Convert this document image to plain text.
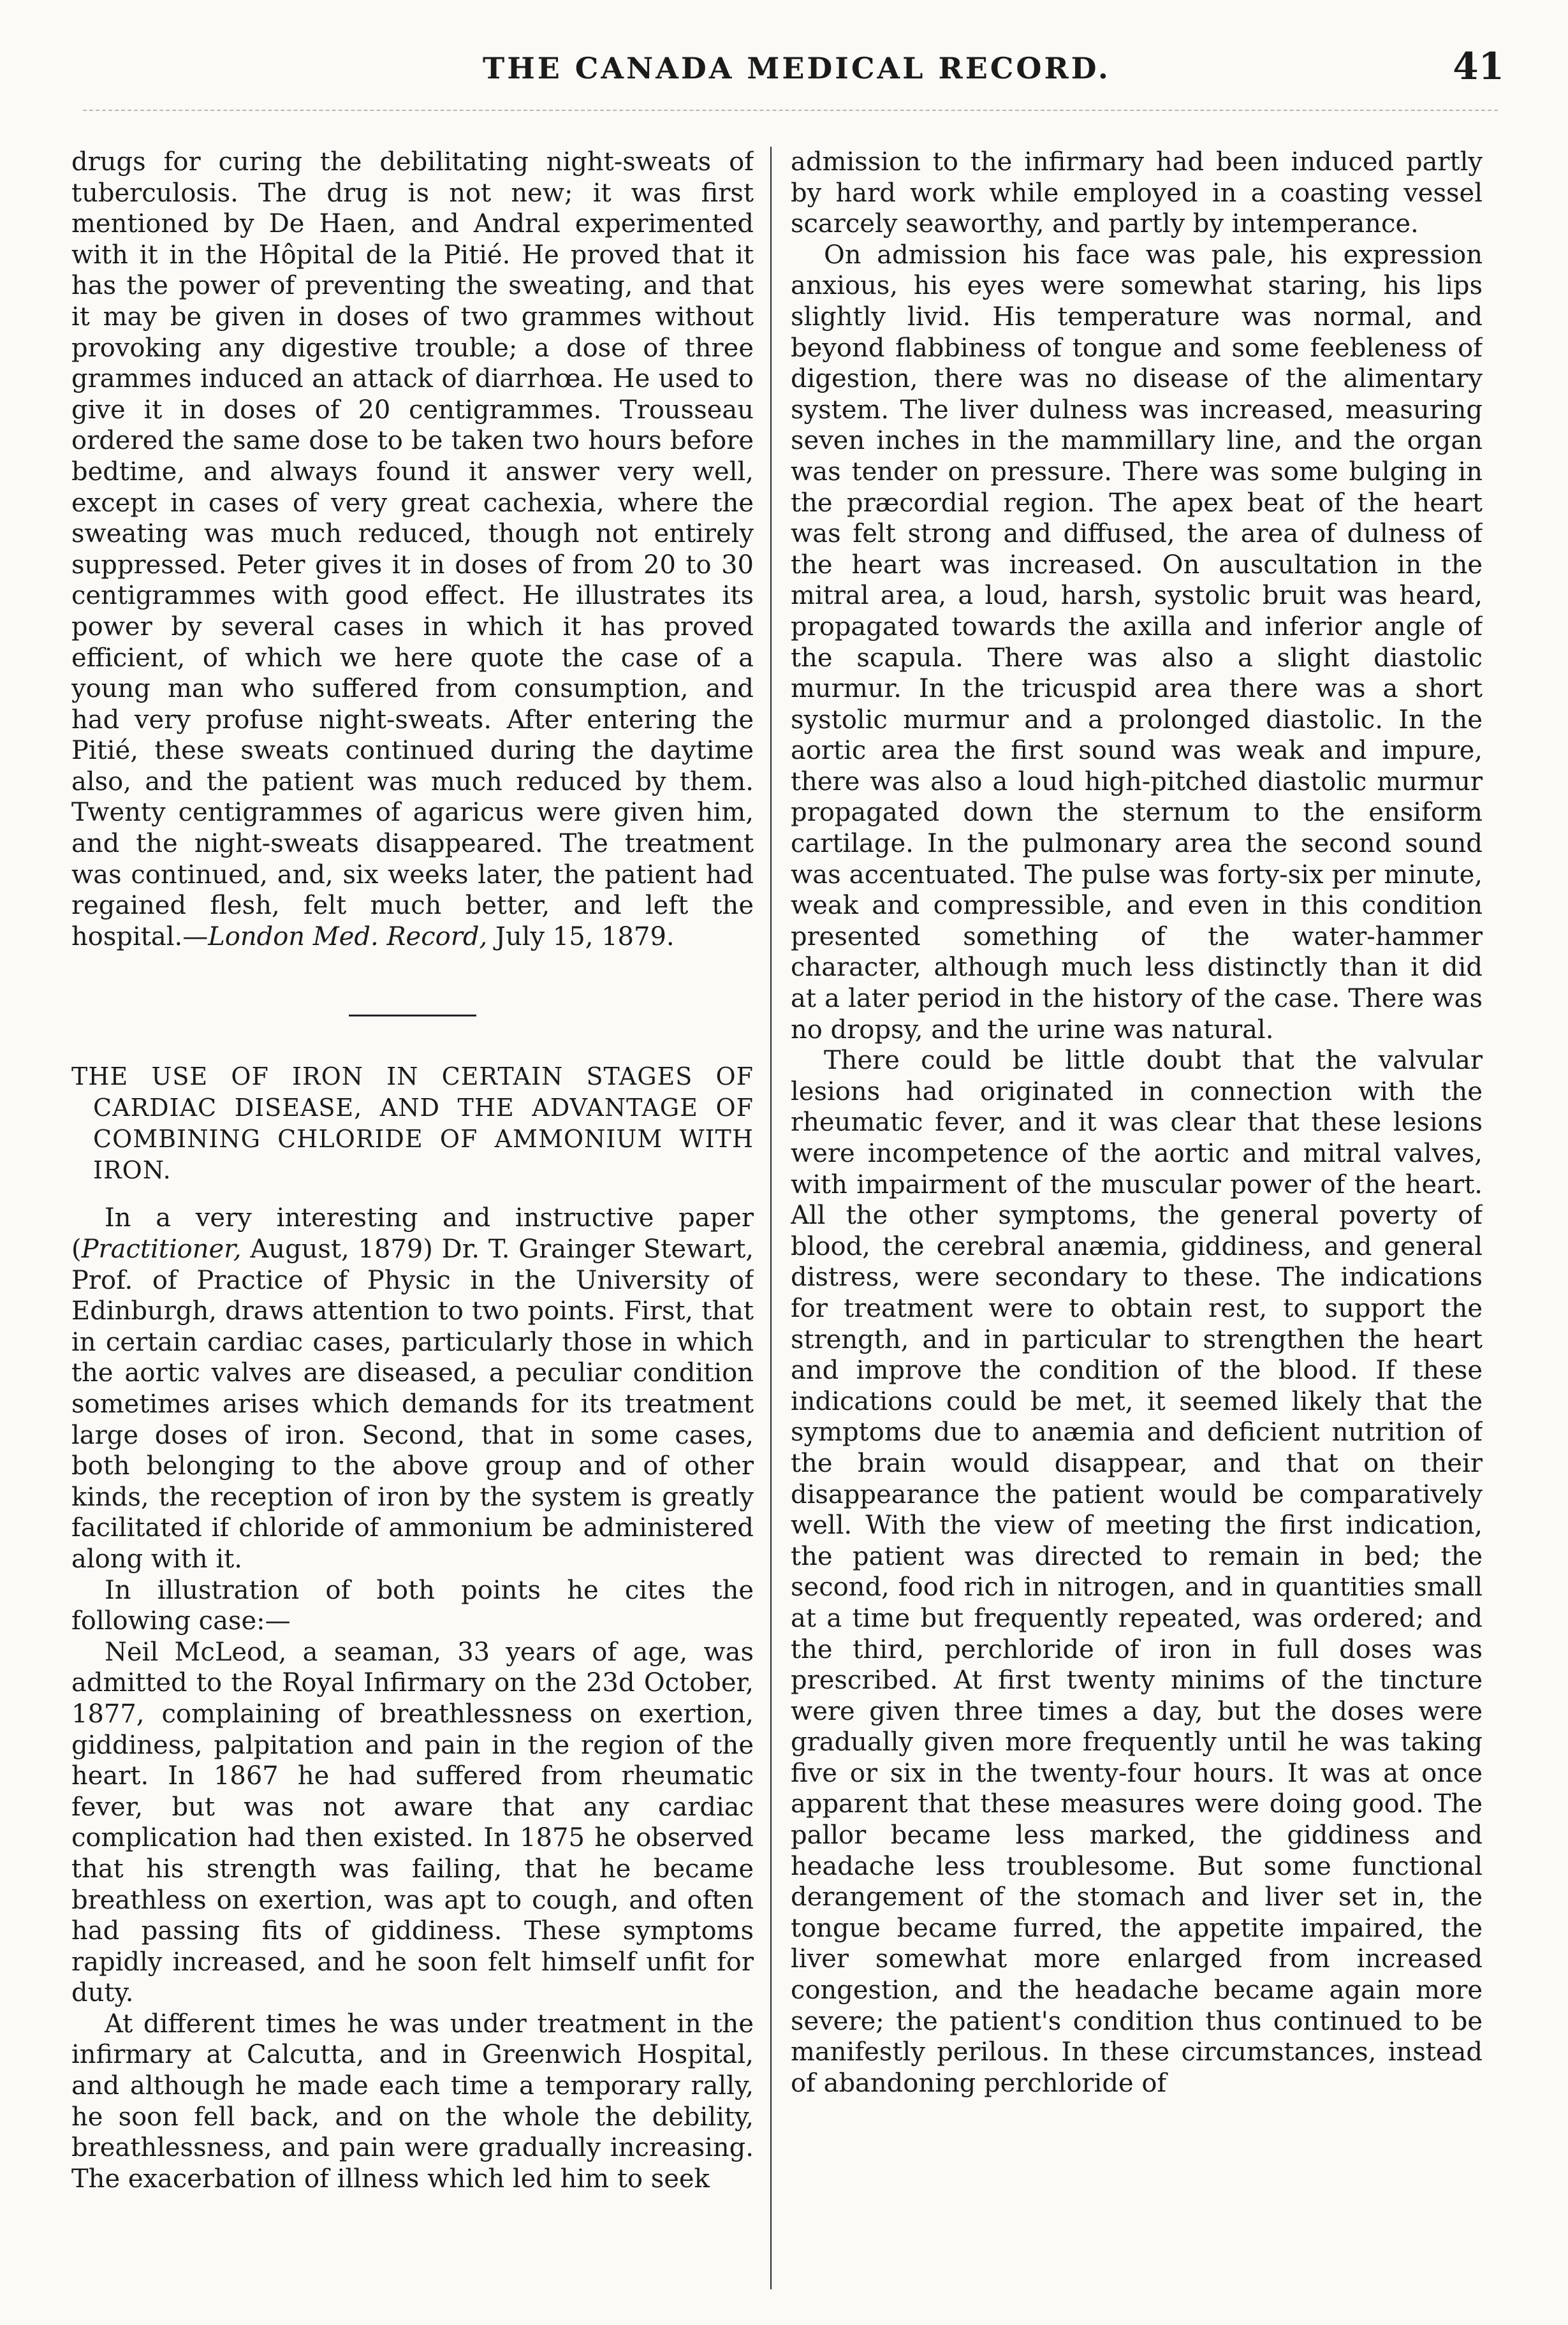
THE CANADA MEDICAL RECORD.	41

drugs for curing the debilitating night-sweats of tuberculosis. The drug is not new; it was first mentioned by De Haen, and Andral experimented with it in the Hôpital de la Pitié. He proved that it has the power of preventing the sweating, and that it may be given in doses of two grammes without provoking any digestive trouble; a dose of three grammes induced an attack of diarrhœa. He used to give it in doses of 20 centigrammes. Trousseau ordered the same dose to be taken two hours before bedtime, and always found it answer very well, except in cases of very great cachexia, where the sweating was much reduced, though not entirely suppressed. Peter gives it in doses of from 20 to 30 centigrammes with good effect. He illustrates its power by several cases in which it has proved efficient, of which we here quote the case of a young man who suffered from consumption, and had very profuse night-sweats. After entering the Pitié, these sweats continued during the daytime also, and the patient was much reduced by them. Twenty centigrammes of agaricus were given him, and the night-sweats disappeared. The treatment was continued, and, six weeks later, the patient had regained flesh, felt much better, and left the hospital.—London Med. Record, July 15, 1879.

THE USE OF IRON IN CERTAIN STAGES OF CARDIAC DISEASE, AND THE ADVANTAGE OF COMBINING CHLORIDE OF AMMONIUM WITH IRON.

In a very interesting and instructive paper (Practitioner, August, 1879) Dr. T. Grainger Stewart, Prof. of Practice of Physic in the University of Edinburgh, draws attention to two points. First, that in certain cardiac cases, particularly those in which the aortic valves are diseased, a peculiar condition sometimes arises which demands for its treatment large doses of iron. Second, that in some cases, both belonging to the above group and of other kinds, the reception of iron by the system is greatly facilitated if chloride of ammonium be administered along with it.

In illustration of both points he cites the following case:—

Neil McLeod, a seaman, 33 years of age, was admitted to the Royal Infirmary on the 23d October, 1877, complaining of breathlessness on exertion, giddiness, palpitation and pain in the region of the heart. In 1867 he had suffered from rheumatic fever, but was not aware that any cardiac complication had then existed. In 1875 he observed that his strength was failing, that he became breathless on exertion, was apt to cough, and often had passing fits of giddiness. These symptoms rapidly increased, and he soon felt himself unfit for duty.

At different times he was under treatment in the infirmary at Calcutta, and in Greenwich Hospital, and although he made each time a temporary rally, he soon fell back, and on the whole the debility, breathlessness, and pain were gradually increasing. The exacerbation of illness which led him to seek

admission to the infirmary had been induced partly by hard work while employed in a coasting vessel scarcely seaworthy, and partly by intemperance.

On admission his face was pale, his expression anxious, his eyes were somewhat staring, his lips slightly livid. His temperature was normal, and beyond flabbiness of tongue and some feebleness of digestion, there was no disease of the alimentary system. The liver dulness was increased, measuring seven inches in the mammillary line, and the organ was tender on pressure. There was some bulging in the præcordial region. The apex beat of the heart was felt strong and diffused, the area of dulness of the heart was increased. On auscultation in the mitral area, a loud, harsh, systolic bruit was heard, propagated towards the axilla and inferior angle of the scapula. There was also a slight diastolic murmur. In the tricuspid area there was a short systolic murmur and a prolonged diastolic. In the aortic area the first sound was weak and impure, there was also a loud high-pitched diastolic murmur propagated down the sternum to the ensiform cartilage. In the pulmonary area the second sound was accentuated. The pulse was forty-six per minute, weak and compressible, and even in this condition presented something of the water-hammer character, although much less distinctly than it did at a later period in the history of the case. There was no dropsy, and the urine was natural.

There could be little doubt that the valvular lesions had originated in connection with the rheumatic fever, and it was clear that these lesions were incompetence of the aortic and mitral valves, with impairment of the muscular power of the heart. All the other symptoms, the general poverty of blood, the cerebral anæmia, giddiness, and general distress, were secondary to these. The indications for treatment were to obtain rest, to support the strength, and in particular to strengthen the heart and improve the condition of the blood. If these indications could be met, it seemed likely that the symptoms due to anæmia and deficient nutrition of the brain would disappear, and that on their disappearance the patient would be comparatively well. With the view of meeting the first indication, the patient was directed to remain in bed; the second, food rich in nitrogen, and in quantities small at a time but frequently repeated, was ordered; and the third, perchloride of iron in full doses was prescribed. At first twenty minims of the tincture were given three times a day, but the doses were gradually given more frequently until he was taking five or six in the twenty-four hours. It was at once apparent that these measures were doing good. The pallor became less marked, the giddiness and headache less troublesome. But some functional derangement of the stomach and liver set in, the tongue became furred, the appetite impaired, the liver somewhat more enlarged from increased congestion, and the headache became again more severe; the patient's condition thus continued to be manifestly perilous. In these circumstances, instead of abandoning perchloride of
